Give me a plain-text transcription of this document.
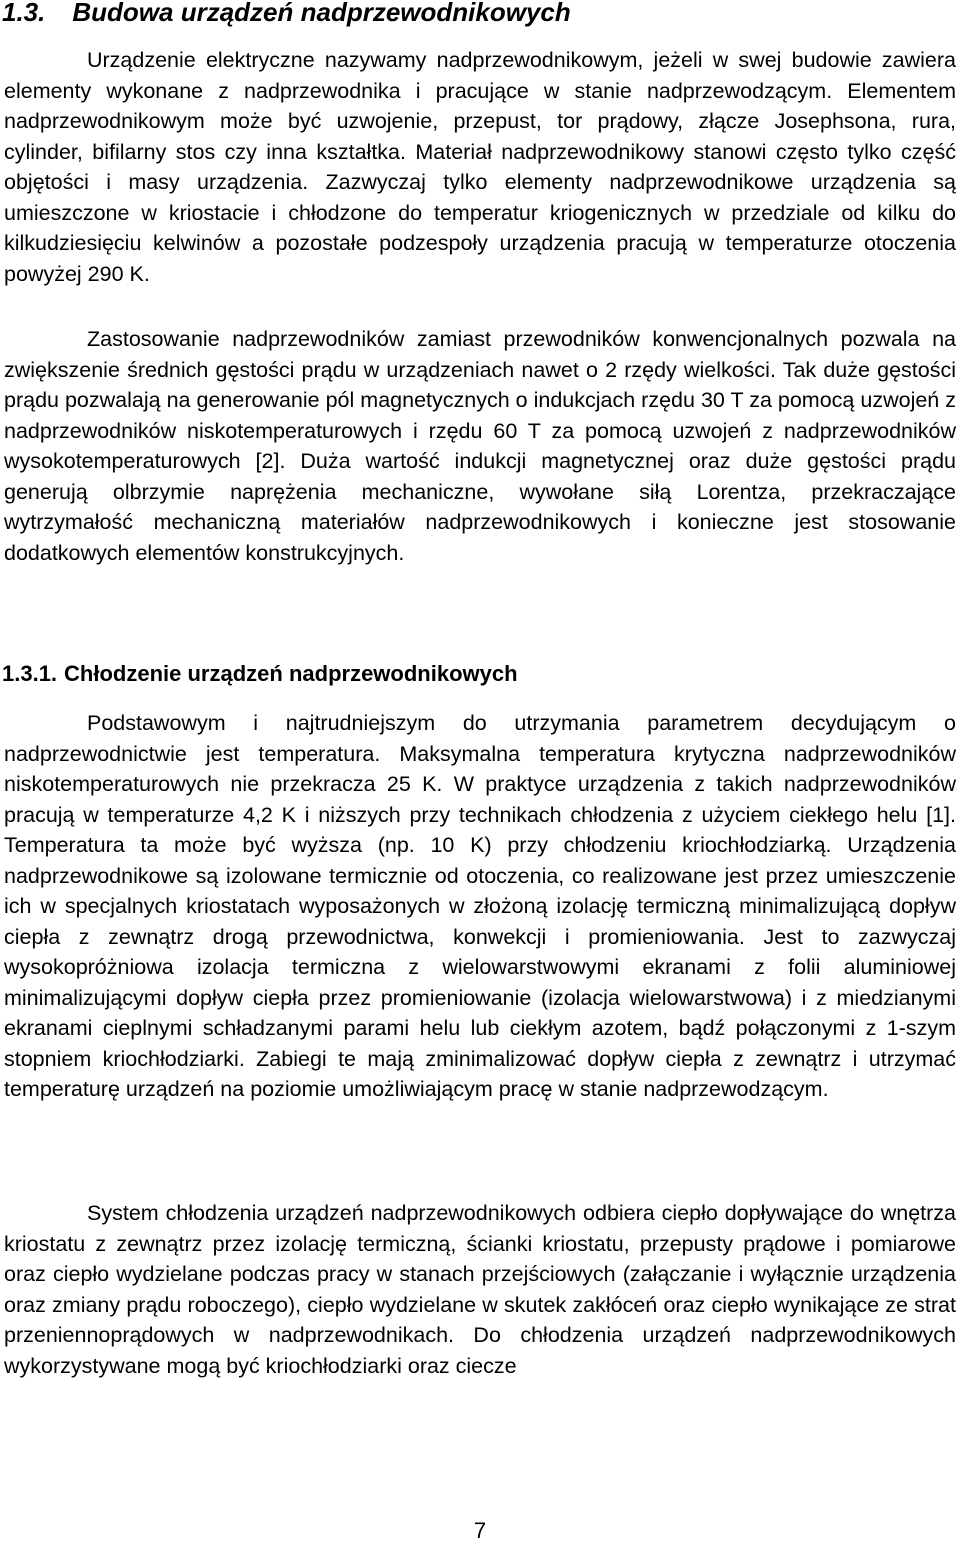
1.3. Budowa urządzeń nadprzewodnikowych

Urządzenie elektryczne nazywamy nadprzewodnikowym, jeżeli w swej budowie zawiera elementy wykonane z nadprzewodnika i pracujące w stanie nadprzewodzącym. Elementem nadprzewodnikowym może być uzwojenie, przepust, tor prądowy, złącze Josephsona, rura, cylinder, bifilarny stos czy inna kształtka. Materiał nadprzewodnikowy stanowi często tylko część objętości i masy urządzenia. Zazwyczaj tylko elementy nadprzewodnikowe urządzenia są umieszczone w kriostacie i chłodzone do temperatur kriogenicznych w przedziale od kilku do kilkudziesięciu kelwinów a pozostałe podzespoły urządzenia pracują w temperaturze otoczenia powyżej 290 K.

Zastosowanie nadprzewodników zamiast przewodników konwencjonalnych pozwala na zwiększenie średnich gęstości prądu w urządzeniach nawet o 2 rzędy wielkości. Tak duże gęstości prądu pozwalają na generowanie pól magnetycznych o indukcjach rzędu 30 T za pomocą uzwojeń z nadprzewodników niskotemperaturowych i rzędu 60 T za pomocą uzwojeń z nadprzewodników wysokotemperaturowych [2]. Duża wartość indukcji magnetycznej oraz duże gęstości prądu generują olbrzymie naprężenia mechaniczne, wywołane siłą Lorentza, przekraczające wytrzymałość mechaniczną materiałów nadprzewodnikowych i konieczne jest stosowanie dodatkowych elementów konstrukcyjnych.

1.3.1. Chłodzenie urządzeń nadprzewodnikowych

Podstawowym i najtrudniejszym do utrzymania parametrem decydującym o nadprzewodnictwie jest temperatura. Maksymalna temperatura krytyczna nadprzewodników niskotemperaturowych nie przekracza 25 K. W praktyce urządzenia z takich nadprzewodników pracują w temperaturze 4,2 K i niższych przy technikach chłodzenia z użyciem ciekłego helu [1]. Temperatura ta może być wyższa (np. 10 K) przy chłodzeniu kriochłodziarką. Urządzenia nadprzewodnikowe są izolowane termicznie od otoczenia, co realizowane jest przez umieszczenie ich w specjalnych kriostatach wyposażonych w złożoną izolację termiczną minimalizującą dopływ ciepła z zewnątrz drogą przewodnictwa, konwekcji i promieniowania. Jest to zazwyczaj wysokopróżniowa izolacja termiczna z wielowarstwowymi ekranami z folii aluminiowej minimalizującymi dopływ ciepła przez promieniowanie (izolacja wielowarstwowa) i z miedzianymi ekranami cieplnymi schładzanymi parami helu lub ciekłym azotem, bądź połączonymi z 1-szym stopniem kriochłodziarki. Zabiegi te mają zminimalizować dopływ ciepła z zewnątrz i utrzymać temperaturę urządzeń na poziomie umożliwiającym pracę w stanie nadprzewodzącym.

System chłodzenia urządzeń nadprzewodnikowych odbiera ciepło dopływające do wnętrza kriostatu z zewnątrz przez izolację termiczną, ścianki kriostatu, przepusty prądowe i pomiarowe oraz ciepło wydzielane podczas pracy w stanach przejściowych (załączanie i wyłącznie urządzenia oraz zmiany prądu roboczego), ciepło wydzielane w skutek zakłóceń oraz ciepło wynikające ze strat przeniennoprądowych w nadprzewodnikach. Do chłodzenia urządzeń nadprzewodnikowych wykorzystywane mogą być kriochłodziarki oraz ciecze

7
